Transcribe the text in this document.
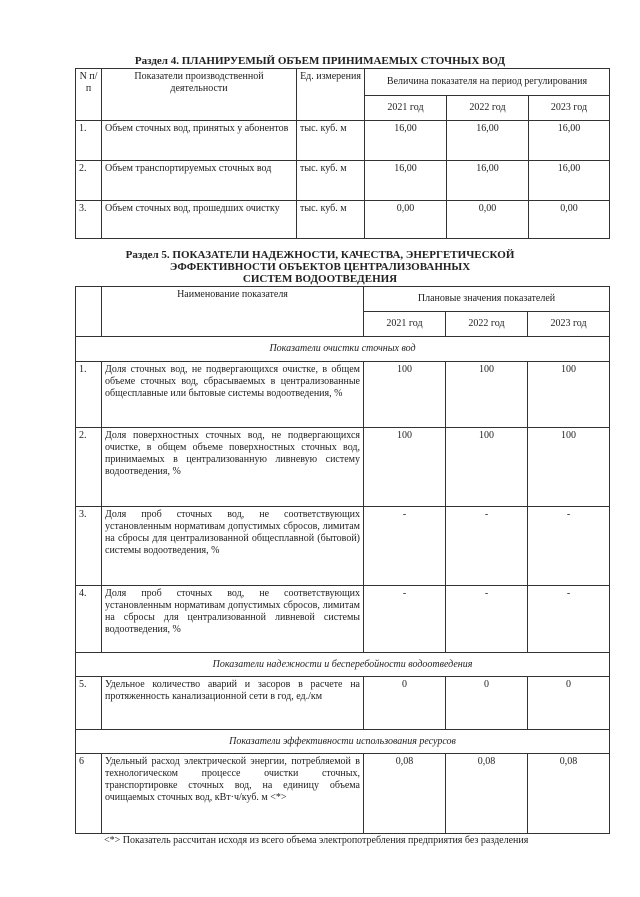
Раздел 4. ПЛАНИРУЕМЫЙ ОБЪЕМ ПРИНИМАЕМЫХ СТОЧНЫХ ВОД
N п/п	Показатели производственной деятельности	Ед. измерения	Величина показателя на период регулирования		
			2021 год	2022 год	2023 год
1.	Объем сточных вод, принятых у абонентов	тыс. куб. м	16,00	16,00	16,00
2.	Объем транспортируемых сточных вод	тыс. куб. м	16,00	16,00	16,00
3.	Объем сточных вод, прошедших очистку	тыс. куб. м	0,00	0,00	0,00
Раздел 5. ПОКАЗАТЕЛИ НАДЕЖНОСТИ, КАЧЕСТВА, ЭНЕРГЕТИЧЕСКОЙ
ЭФФЕКТИВНОСТИ ОБЪЕКТОВ ЦЕНТРАЛИЗОВАННЫХ
СИСТЕМ ВОДООТВЕДЕНИЯ
	Наименование показателя	Плановые значения показателей		
		2021 год	2022 год	2023 год
Показатели очистки сточных вод				
1.	Доля сточных вод, не подвергающихся очистке, в общем объеме сточных вод, сбрасываемых в централизованные общесплавные или бытовые системы водоотведения, %	100	100	100
2.	Доля поверхностных сточных вод, не подвергающихся очистке, в общем объеме поверхностных сточных вод, принимаемых в централизованную ливневую систему водоотведения, %	100	100	100
3.	Доля проб сточных вод, не соответствующих установленным нормативам допустимых сбросов, лимитам на сбросы для централизованной общесплавной (бытовой) системы водоотведения, %	-	-	-
4.	Доля проб сточных вод, не соответствующих установленным нормативам допустимых сбросов, лимитам на сбросы для централизованной ливневой системы водоотведения, %	-	-	-
Показатели надежности и бесперебойности водоотведения				
5.	Удельное количество аварий и засоров в расчете на протяженность канализационной сети в год, ед./км	0	0	0
Показатели эффективности использования ресурсов				
6	Удельный расход электрической энергии, потребляемой в технологическом процессе очистки сточных, транспортировке сточных вод, на единицу объема очищаемых сточных вод, кВт·ч/куб. м <*>	0,08	0,08	0,08
<*> Показатель рассчитан исходя из всего объема электропотребления предприятия без разделения
